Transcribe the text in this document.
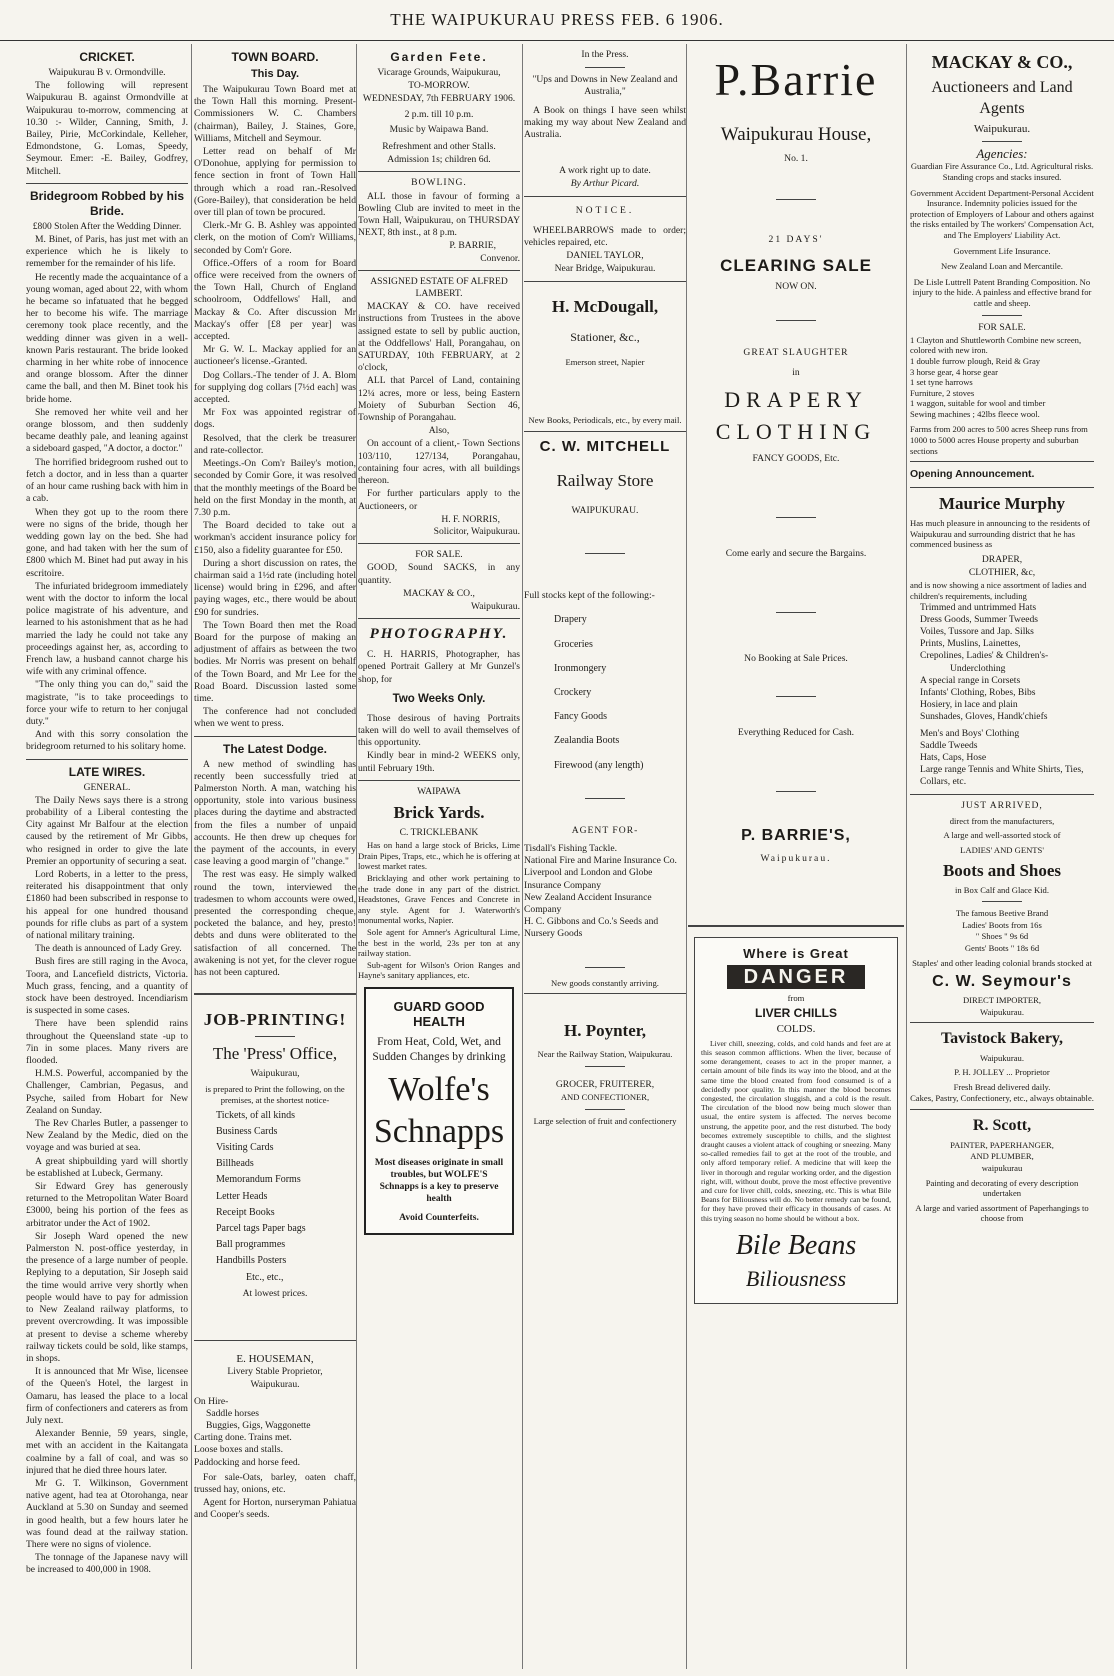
THE WAIPUKURAU PRESS FEB. 6 1906.
CRICKET.
Waipukurau B v. Ormondville.

The following will represent Waipukurau B. against Ormondville at Waipukurau to-morrow, commencing at 10.30 :- Wilder, Canning, Smith, J. Bailey, Pirie, McCorkindale, Kelleher, Edmondstone, G. Lomas, Speedy, Seymour. Emer: -E. Bailey, Godfrey, Mitchell.

Bridegroom Robbed by his Bride.
£800 Stolen After the Wedding Dinner.

M. Binet, of Paris, has just met with an experience which he is likely to remember for the remainder of his life.

He recently made the acquaintance of a young woman, aged about 22, with whom he became so infatuated that he begged her to become his wife. The marriage ceremony took place recently, and the wedding dinner was given in a well-known Paris restaurant. The bride looked charming in her white robe of innocence and orange blossom. After the dinner came the ball, and then M. Binet took his bride home.

She removed her white veil and her orange blossom, and then suddenly became deathly pale, and leaning against a sideboard gasped, "A doctor, a doctor."

The horrified bridegroom rushed out to fetch a doctor, and in less than a quarter of an hour came rushing back with him in a cab.

When they got up to the room there were no signs of the bride, though her wedding gown lay on the bed. She had gone, and had taken with her the sum of £800 which M. Binet had put away in his escritoire.

The infuriated bridegroom immediately went with the doctor to inform the local police magistrate of his adventure, and learned to his astonishment that as he had married the lady he could not take any proceedings against her, as, according to French law, a husband cannot charge his wife with any criminal offence.

"The only thing you can do," said the magistrate, "is to take proceedings to force your wife to return to her conjugal duty."

And with this sorry consolation the bridegroom returned to his solitary home.

LATE WIRES.
GENERAL.

The Daily News says there is a strong probability of a Liberal contesting the City against Mr Balfour at the election caused by the retirement of Mr Gibbs, who resigned in order to give the late Premier an opportunity of securing a seat.

Lord Roberts, in a letter to the press, reiterated his disappointment that only £1860 had been subscribed in response to his appeal for one hundred thousand pounds for rifle clubs as part of a system of national military training.

The death is announced of Lady Grey.

Bush fires are still raging in the Avoca, Toora, and Lancefield districts, Victoria. Much grass, fencing, and a quantity of stock have been destroyed. Incendiarism is suspected in some cases.

There have been splendid rains throughout the Queensland state -up to 7in in some places. Many rivers are flooded.

H.M.S. Powerful, accompanied by the Challenger, Cambrian, Pegasus, and Psyche, sailed from Hobart for New Zealand on Sunday.

The Rev Charles Butler, a passenger to New Zealand by the Medic, died on the voyage and was buried at sea.

A great shipbuilding yard will shortly be established at Lubeck, Germany.

Sir Edward Grey has generously returned to the Metropolitan Water Board £3000, being his portion of the fees as arbitrator under the Act of 1902.

Sir Joseph Ward opened the new Palmerston N. post-office yesterday, in the presence of a large number of people. Replying to a deputation, Sir Joseph said the time would arrive very shortly when people would have to pay for admission to New Zealand railway platforms, to prevent overcrowding. It was impossible at present to devise a scheme whereby railway tickets could be sold, like stamps, in shops.

It is announced that Mr Wise, licensee of the Queen's Hotel, the largest in Oamaru, has leased the place to a local firm of confectioners and caterers as from July next.

Alexander Bennie, 59 years, single, met with an accident in the Kaitangata coalmine by a fall of coal, and was so injured that he died three hours later.

Mr G. T. Wilkinson, Government native agent, had tea at Otorohanga, near Auckland at 5.30 on Sunday and seemed in good health, but a few hours later he was found dead at the railway station. There were no signs of violence.

The tonnage of the Japanese navy will be increased to 400,000 in 1908.

TOWN BOARD.
This Day.

The Waipukurau Town Board met at the Town Hall this morning. Present-Commissioners W. C. Chambers (chairman), Bailey, J. Staines, Gore, Williams, Mitchell and Seymour.

Letter read on behalf of Mr O'Donohue, applying for permission to fence section in front of Town Hall through which a road ran.-Resolved (Gore-Bailey), that consideration be held over till plan of town be procured.

Clerk.-Mr G. B. Ashley was appointed clerk, on the motion of Com'r Williams, seconded by Com'r Gore.

Office.-Offers of a room for Board office were received from the owners of the Town Hall, Church of England schoolroom, Oddfellows' Hall, and Mackay & Co. After discussion Mr Mackay's offer [£8 per year] was accepted.

Mr G. W. L. Mackay applied for an auctioneer's license.-Granted.

Dog Collars.-The tender of J. A. Blom for supplying dog collars [7½d each] was accepted.

Mr Fox was appointed registrar of dogs.

Resolved, that the clerk be treasurer and rate-collector.

Meetings.-On Com'r Bailey's motion, seconded by Comir Gore, it was resolved that the monthly meetings of the Board be held on the first Monday in the month, at 7.30 p.m.

The Board decided to take out a workman's accident insurance policy for £150, also a fidelity guarantee for £50.

During a short discussion on rates, the chairman said a 1½d rate (including hotel license) would bring in £296, and after paying wages, etc., there would be about £90 for sundries.

The Town Board then met the Road Board for the purpose of making an adjustment of affairs as between the two bodies. Mr Norris was present on behalf of the Town Board, and Mr Lee for the Road Board. Discussion lasted some time.

The conference had not concluded when we went to press.

The Latest Dodge.

A new method of swindling has recently been successfully tried at Palmerston North. A man, watching his opportunity, stole into various business places during the daytime and abstracted from the files a number of unpaid accounts. He then drew up cheques for the payment of the accounts, in every case leaving a good margin of "change."

The rest was easy. He simply walked round the town, interviewed the tradesmen to whom accounts were owed, presented the corresponding cheque, pocketed the balance, and hey, presto! debts and duns were obliterated to the satisfaction of all concerned. The awakening is not yet, for the clever rogue has not been captured.

JOB-PRINTING!
The 'Press' Office,
Waipukurau,
is prepared to Print the following, on the premises, at the shortest notice-
Tickets, of all kinds
Business Cards
Visiting Cards
Billheads
Memorandum Forms
Letter Heads
Receipt Books
Parcel tags Paper bags
Ball programmes
Handbills Posters
Etc., etc.,
At lowest prices.
E. HOUSEMAN,
Livery Stable Proprietor,
Waipukurau.
On Hire-
Saddle horses
Buggies, Gigs, Waggonette
Carting done. Trains met.
Loose boxes and stalls.
Paddocking and horse feed.

For sale-Oats, barley, oaten chaff, trussed hay, onions, etc.

Agent for Horton, nurseryman Pahiatua and Cooper's seeds.

Garden Fete.
Vicarage Grounds, Waipukurau,
TO-MORROW.
WEDNESDAY, 7th FEBRUARY 1906.
2 p.m. till 10 p.m.
Music by Waipawa Band.
Refreshment and other Stalls.
Admission 1s; children 6d.
BOWLING.

ALL those in favour of forming a Bowling Club are invited to meet in the Town Hall, Waipukurau, on THURSDAY NEXT, 8th inst., at 8 p.m.

P. BARRIE,
Convenor.
ASSIGNED ESTATE OF ALFRED LAMBERT.

MACKAY & CO. have received instructions from Trustees in the above assigned estate to sell by public auction, at the Oddfellows' Hall, Porangahau, on SATURDAY, 10th FEBRUARY, at 2 o'clock,

ALL that Parcel of Land, containing 12¼ acres, more or less, being Eastern Moiety of Suburban Section 46, Township of Porangahau.

Also,

On account of a client,- Town Sections 103/110, 127/134, Porangahau, containing four acres, with all buildings thereon.

For further particulars apply to the Auctioneers, or

H. F. NORRIS,
Solicitor, Waipukurau.
FOR SALE.

GOOD, Sound SACKS, in any quantity.

MACKAY & CO.,
Waipukurau.
PHOTOGRAPHY.

C. H. HARRIS, Photographer, has opened Portrait Gallery at Mr Gunzel's shop, for

Two Weeks Only.

Those desirous of having Portraits taken will do well to avail themselves of this opportunity.

Kindly bear in mind-2 WEEKS only, until February 19th.

WAIPAWA
Brick Yards.
C. TRICKLEBANK

Has on hand a large stock of Bricks, Lime Drain Pipes, Traps, etc., which he is offering at lowest market rates.

Bricklaying and other work pertaining to the trade done in any part of the district. Headstones, Grave Fences and Concrete in any style. Agent for J. Waterworth's monumental works, Napier.

Sole agent for Amner's Agricultural Lime, the best in the world, 23s per ton at any railway station.

Sub-agent for Wilson's Orion Ranges and Hayne's sanitary appliances, etc.

GUARD GOOD HEALTH
From Heat, Cold, Wet, and Sudden Changes by drinking
Wolfe's
Schnapps
Most diseases originate in small troubles, but WOLFE'S Schnapps is a key to preserve health
Avoid Counterfeits.
In the Press.
"Ups and Downs in New Zealand and Australia,"

A Book on things I have seen whilst making my way about New Zealand and Australia.

A work right up to date.
By Arthur Picard.
NOTICE.

WHEELBARROWS made to order; vehicles repaired, etc.

DANIEL TAYLOR,
Near Bridge, Waipukurau.
H. McDougall,
Stationer, &c.,
Emerson street, Napier
New Books, Periodicals, etc., by every mail.
C. W. MITCHELL
Railway Store
WAIPUKURAU.
Full stocks kept of the following:-
Drapery
Groceries
Ironmongery
Crockery
Fancy Goods
Zealandia Boots
Firewood (any length)
AGENT FOR-
Tisdall's Fishing Tackle.
National Fire and Marine Insurance Co.
Liverpool and London and Globe Insurance Company
New Zealand Accident Insurance Company
H. C. Gibbons and Co.'s Seeds and Nursery Goods
New goods constantly arriving.
H. Poynter,
Near the Railway Station, Waipukurau.
GROCER, FRUITERER,
AND CONFECTIONER,
Large selection of fruit and confectionery
P.Barrie
Waipukurau House,
No. 1.
21 DAYS'
CLEARING SALE
NOW ON.
GREAT SLAUGHTER
in
DRAPERY
CLOTHING
FANCY GOODS, Etc.
Come early and secure the Bargains.
No Booking at Sale Prices.
Everything Reduced for Cash.
P. BARRIE'S,
Waipukurau.
Where is Great
DANGER
from
LIVER CHILLS
COLDS.

Liver chill, sneezing, colds, and cold hands and feet are at this season common afflictions. When the liver, because of some derangement, ceases to act in the proper manner, a certain amount of bile finds its way into the blood, and at the same time the blood created from food consumed is of a decidedly poor quality. In this manner the blood becomes congested, the circulation sluggish, and a cold is the result. The circulation of the blood now being much slower than usual, the entire system is affected. The nerves become unstrung, the appetite poor, and the rest disturbed. The body becomes extremely susceptible to chills, and the slightest draught causes a violent attack of coughing or sneezing. Many so-called remedies fail to get at the root of the trouble, and only afford temporary relief. A medicine that will keep the liver in thorough and regular working order, and the digestion right, will, without doubt, prove the most effective preventive and cure for liver chill, colds, sneezing, etc. This is what Bile Beans for Biliousness will do. No better remedy can be found, for they have proved their efficacy in thousands of cases. At this trying season no home should be without a box.

Bile Beans
Biliousness
MACKAY & CO.,
Auctioneers and Land Agents
Waipukurau.
Agencies:
Guardian Fire Assurance Co., Ltd. Agricultural risks. Standing crops and stacks insured.
Government Accident Department-Personal Accident Insurance. Indemnity policies issued for the protection of Employers of Labour and others against the risks entailed by The workers' Compensation Act, and The Employers' Liability Act.
Government Life Insurance.
New Zealand Loan and Mercantile.
De Lisle Luttrell Patent Branding Composition. No injury to the hide. A painless and effective brand for cattle and sheep.
FOR SALE.
1 Clayton and Shuttleworth Combine new screen, colored with new iron.
1 double furrow plough, Reid & Gray
3 horse gear, 4 horse gear
1 set tyne harrows
Furniture, 2 stoves
1 waggon, suitable for wool and timber
Sewing machines ; 42lbs fleece wool.
Farms from 200 acres to 500 acres Sheep runs from 1000 to 5000 acres House property and suburban sections
Opening Announcement.
Maurice Murphy
Has much pleasure in announcing to the residents of Waipukurau and surrounding district that he has commenced business as
DRAPER,
CLOTHIER, &c,
and is now showing a nice assortment of ladies and children's requirements, including
Trimmed and untrimmed Hats
Dress Goods, Summer Tweeds
Voiles, Tussore and Jap. Silks
Prints, Muslins, Lainettes,
Crepolines, Ladies' & Children's-
Underclothing
A special range in Corsets
Infants' Clothing, Robes, Bibs
Hosiery, in lace and plain
Sunshades, Gloves, Handk'chiefs
Men's and Boys' Clothing
Saddle Tweeds
Hats, Caps, Hose
Large range Tennis and White Shirts, Ties, Collars, etc.
JUST ARRIVED,
direct from the manufacturers,
A large and well-assorted stock of
LADIES' AND GENTS'
Boots and Shoes
in Box Calf and Glace Kid.
The famous Beetive Brand
Ladies' Boots from 16s
" Shoes " 9s 6d
Gents' Boots " 18s 6d
Staples' and other leading colonial brands stocked at
C. W. Seymour's
DIRECT IMPORTER,
Waipukurau.
Tavistock Bakery,
Waipukurau.
P. H. JOLLEY ... Proprietor
Fresh Bread delivered daily.
Cakes, Pastry, Confectionery, etc., always obtainable.
R. Scott,
PAINTER, PAPERHANGER,
AND PLUMBER,
waipukurau
Painting and decorating of every description undertaken
A large and varied assortment of Paperhangings to choose from
